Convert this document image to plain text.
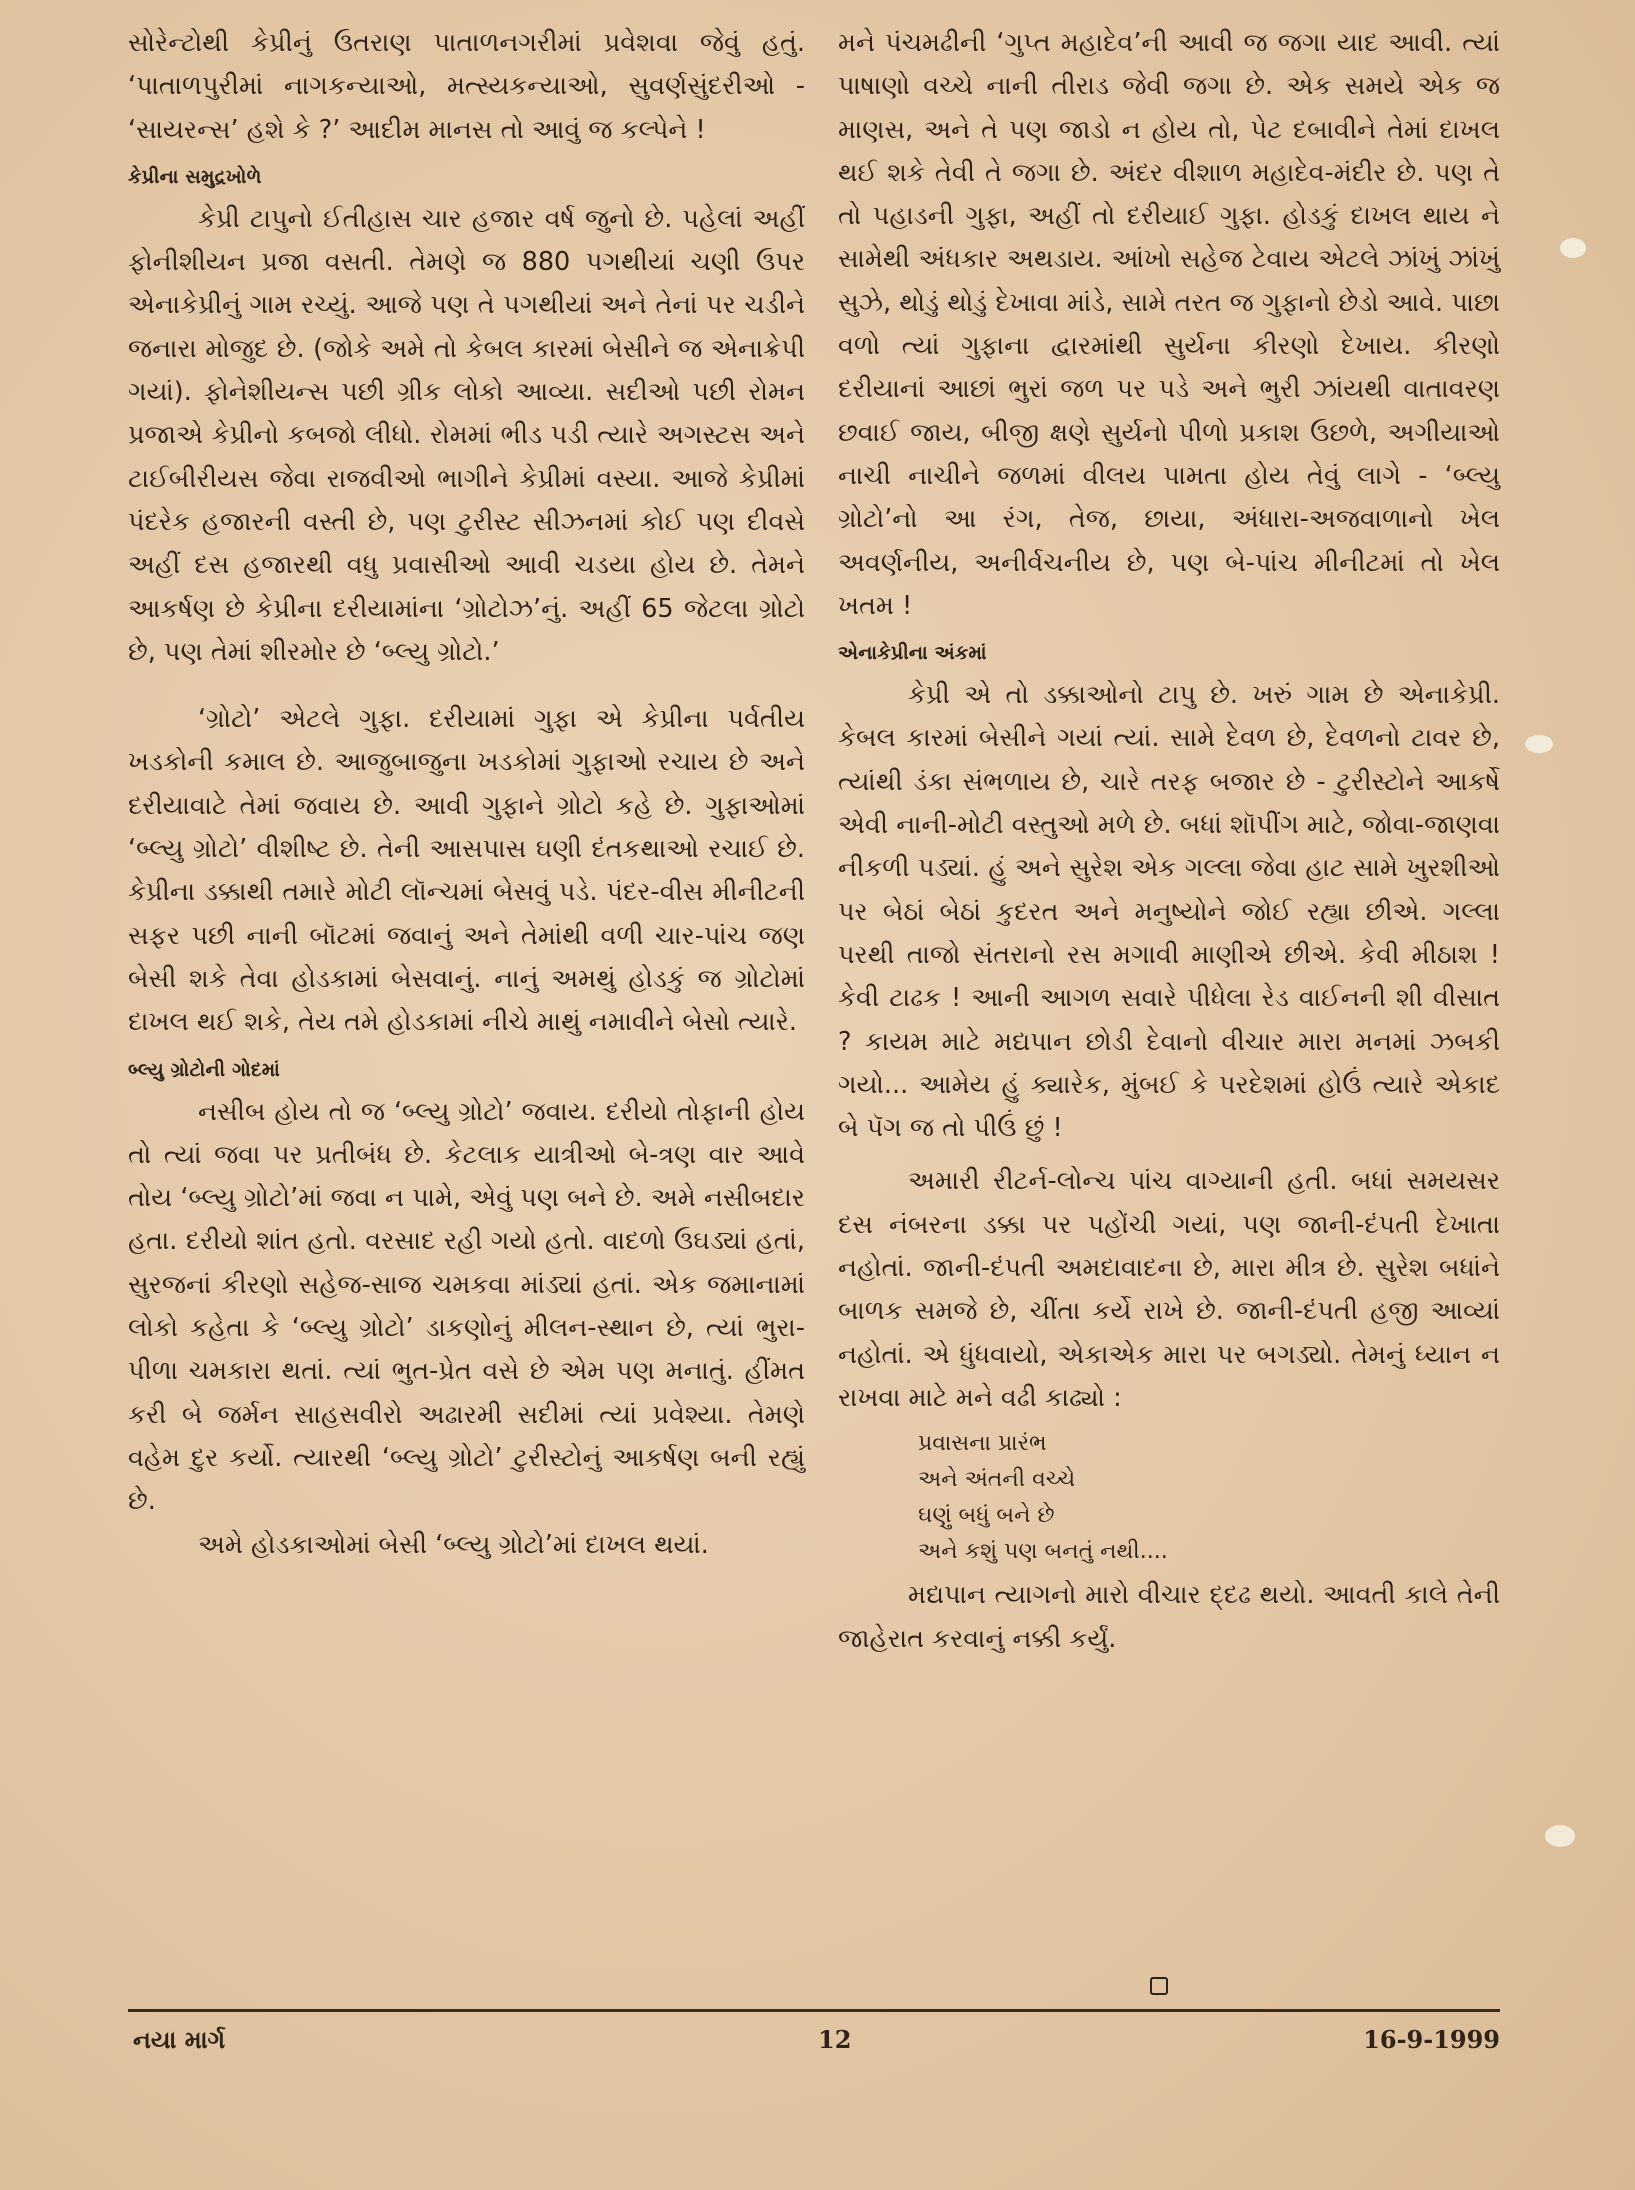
સોરેન્ટોથી કેપ્રીનું ઉતરાણ પાતાળનગરીમાં પ્રવેશવા જેવું હતું. ‘પાતાળપુરીમાં નાગકન્યાઓ, મત્સ્યકન્યાઓ, સુવર્ણસુંદરીઓ - ‘સાયરન્સ’ હશે કે ?’ આદીમ માનસ તો આવું જ કલ્પેને !

કેપ્રીના સમુદ્રખોળે

કેપ્રી ટાપુનો ઈતીહાસ ચાર હજાર વર્ષ જુનો છે. પહેલાં અહીં ફોનીશીયન પ્રજા વસતી. તેમણે જ 880 પગથીયાં ચણી ઉપર એનાકેપ્રીનું ગામ રચ્યું. આજે પણ તે પગથીયાં અને તેનાં પર ચડીને જનારા મોજુદ છે. (જોકે અમે તો કેબલ કારમાં બેસીને જ એનાક્રેપી ગયાં). ફોનેશીયન્સ પછી ગ્રીક લોકો આવ્યા. સદીઓ પછી રોમન પ્રજાએ કેપ્રીનો કબજો લીધો. રોમમાં ભીડ પડી ત્યારે અગસ્ટસ અને ટાઈબીરીયસ જેવા રાજવીઓ ભાગીને કેપ્રીમાં વસ્યા. આજે કેપ્રીમાં પંદરેક હજારની વસ્તી છે, પણ ટુરીસ્ટ સીઝનમાં કોઈ પણ દીવસે અહીં દસ હજારથી વધુ પ્રવાસીઓ આવી ચડયા હોય છે. તેમને આકર્ષણ છે કેપ્રીના દરીયામાંના ‘ગ્રોટોઝ’નું. અહીં 65 જેટલા ગ્રોટો છે, પણ તેમાં શીરમોર છે ‘બ્લ્યુ ગ્રોટો.’

‘ગ્રોટો’ એટલે ગુફા. દરીયામાં ગુફા એ કેપ્રીના પર્વતીય ખડકોની કમાલ છે. આજુબાજુના ખડકોમાં ગુફાઓ રચાય છે અને દરીયાવાટે તેમાં જવાય છે. આવી ગુફાને ગ્રોટો કહે છે. ગુફાઓમાં ‘બ્લ્યુ ગ્રોટો’ વીશીષ્ટ છે. તેની આસપાસ ઘણી દંતકથાઓ રચાઈ છે. કેપ્રીના ડક્કાથી તમારે મોટી લૉન્ચમાં બેસવું પડે. પંદર-વીસ મીનીટની સફર પછી નાની બૉટમાં જવાનું અને તેમાંથી વળી ચાર-પાંચ જણ બેસી શકે તેવા હોડકામાં બેસવાનું. નાનું અમથું હોડકું જ ગ્રોટોમાં દાખલ થઈ શકે, તેય તમે હોડકામાં નીચે માથું નમાવીને બેસો ત્યારે.

બ્લ્યુ ગ્રોટોની ગોદમાં

નસીબ હોય તો જ ‘બ્લ્યુ ગ્રોટો’ જવાય. દરીયો તોફાની હોય તો ત્યાં જવા પર પ્રતીબંધ છે. કેટલાક યાત્રીઓ બે-ત્રણ વાર આવે તોય ‘બ્લ્યુ ગ્રોટો’માં જવા ન પામે, એવું પણ બને છે. અમે નસીબદાર હતા. દરીયો શાંત હતો. વરસાદ રહી ગયો હતો. વાદળો ઉઘડ્યાં હતાં, સુરજનાં કીરણો સહેજ-સાજ ચમકવા માંડ્યાં હતાં. એક જમાનામાં લોકો કહેતા કે ‘બ્લ્યુ ગ્રોટો’ ડાકણોનું મીલન-સ્થાન છે, ત્યાં ભુરા-પીળા ચમકારા થતાં. ત્યાં ભુત-પ્રેત વસે છે એમ પણ મનાતું. હીંમત કરી બે જર્મન સાહસવીરો અઢારમી સદીમાં ત્યાં પ્રવેશ્યા. તેમણે વહેમ દુર કર્યો. ત્યારથી ‘બ્લ્યુ ગ્રોટો’ ટુરીસ્ટોનું આકર્ષણ બની રહ્યું છે.

અમે હોડકાઓમાં બેસી ‘બ્લ્યુ ગ્રોટો’માં દાખલ થયાં.

મને પંચમઢીની ‘ગુપ્ત મહાદેવ’ની આવી જ જગા યાદ આવી. ત્યાં પાષાણો વચ્ચે નાની તીરાડ જેવી જગા છે. એક સમયે એક જ માણસ, અને તે પણ જાડો ન હોય તો, પેટ દબાવીને તેમાં દાખલ થઈ શકે તેવી તે જગા છે. અંદર વીશાળ મહાદેવ-મંદીર છે. પણ તે તો પહાડની ગુફા, અહીં તો દરીયાઈ ગુફા. હોડકું દાખલ થાય ને સામેથી અંધકાર અથડાય. આંખો સહેજ ટેવાય એટલે ઝાંખું ઝાંખું સુઝે, થોડું થોડું દેખાવા માંડે, સામે તરત જ ગુફાનો છેડો આવે. પાછા વળો ત્યાં ગુફાના દ્વારમાંથી સુર્યના કીરણો દેખાય. કીરણો દરીયાનાં આછાં ભુરાં જળ પર પડે અને ભુરી ઝાંયથી વાતાવરણ છવાઈ જાય, બીજી ક્ષણે સુર્યનો પીળો પ્રકાશ ઉછળે, અગીયાઓ નાચી નાચીને જળમાં વીલય પામતા હોય તેવું લાગે - ‘બ્લ્યુ ગ્રોટો’નો આ રંગ, તેજ, છાયા, અંધારા-અજવાળાનો ખેલ અવર્ણનીય, અનીર્વચનીય છે, પણ બે-પાંચ મીનીટમાં તો ખેલ ખતમ !

એનાકેપ્રીના અંકમાં

કેપ્રી એ તો ડક્કાઓનો ટાપુ છે. ખરું ગામ છે એનાકેપ્રી. કેબલ કારમાં બેસીને ગયાં ત્યાં. સામે દેવળ છે, દેવળનો ટાવર છે, ત્યાંથી ડંકા સંભળાય છે, ચારે તરફ બજાર છે - ટુરીસ્ટોને આકર્ષે એવી નાની-મોટી વસ્તુઓ મળે છે. બધાં શૉપીંગ માટે, જોવા-જાણવા નીકળી પડ્યાં. હું અને સુરેશ એક ગલ્લા જેવા હાટ સામે ખુરશીઓ પર બેઠાં બેઠાં કુદરત અને મનુષ્યોને જોઈ રહ્યા છીએ. ગલ્લા પરથી તાજો સંતરાનો રસ મગાવી માણીએ છીએ. કેવી મીઠાશ ! કેવી ટાઢક ! આની આગળ સવારે પીધેલા રેડ વાઈનની શી વીસાત ? કાયમ માટે મદ્યપાન છોડી દેવાનો વીચાર મારા મનમાં ઝબકી ગયો... આમેય હું ક્યારેક, મુંબઈ કે પરદેશમાં હોઉં ત્યારે એકાદ બે પૅગ જ તો પીઉં છું !

અમારી રીટર્ન-લોન્ચ પાંચ વાગ્યાની હતી. બધાં સમયસર દસ નંબરના ડક્કા પર પહોંચી ગયાં, પણ જાની-દંપતી દેખાતા નહોતાં. જાની-દંપતી અમદાવાદના છે, મારા મીત્ર છે. સુરેશ બધાંને બાળક સમજે છે, ચીંતા કર્યે રાખે છે. જાની-દંપતી હજી આવ્યાં નહોતાં. એ ધુંધવાયો, એકાએક મારા પર બગડ્યો. તેમનું ધ્યાન ન રાખવા માટે મને વઢી કાઢ્યો :

પ્રવાસના પ્રારંભ
અને અંતની વચ્ચે
ઘણું બધું બને છે
અને કશું પણ બનતું નથી....

મદ્યપાન ત્યાગનો મારો વીચાર દ્દઢ થયો. આવતી કાલે તેની જાહેરાત કરવાનું નક્કી કર્યું.

નયા માર્ગ	12	16-9-1999
